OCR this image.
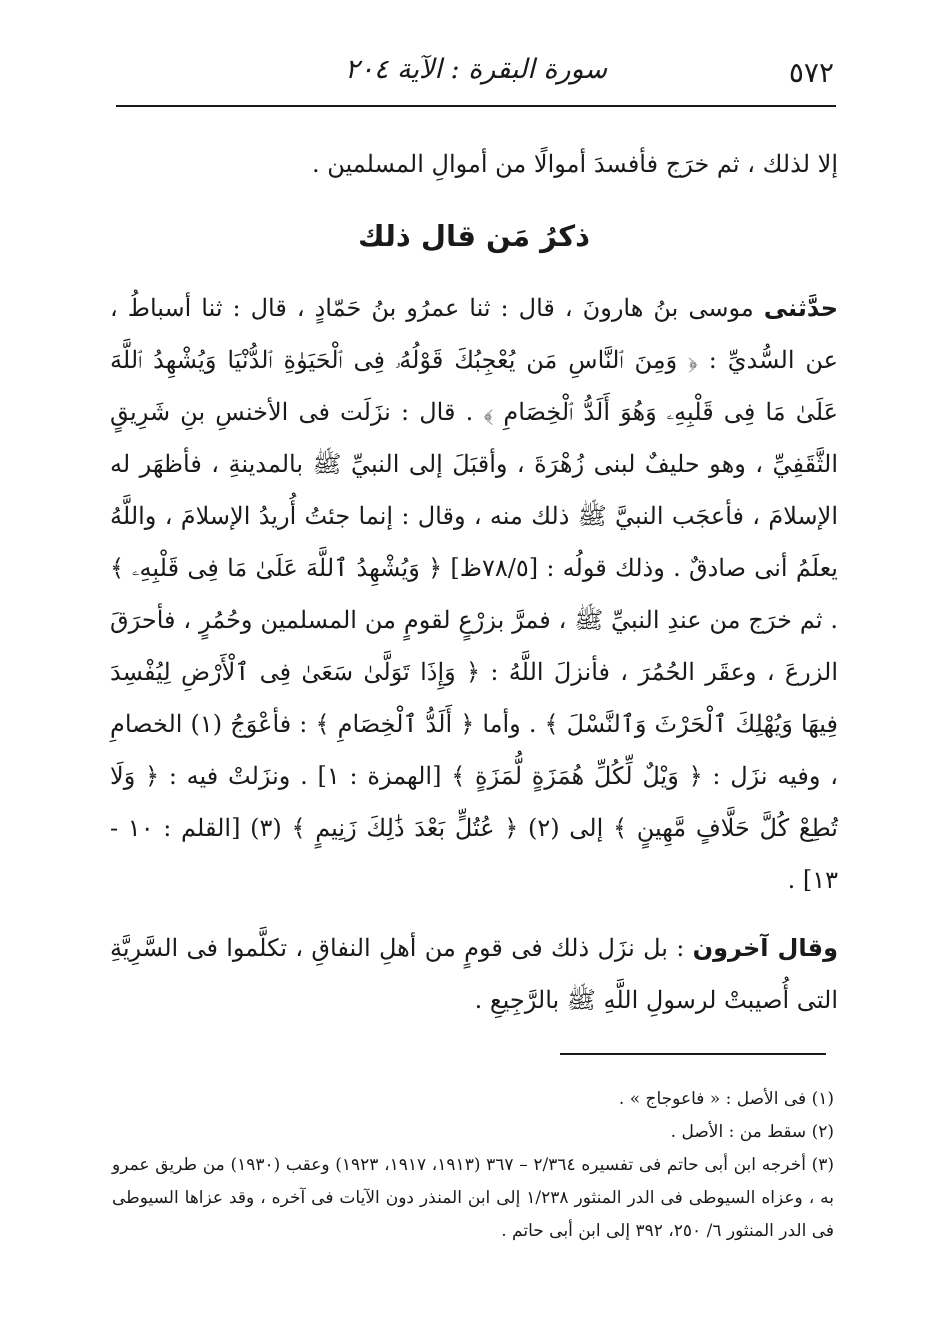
٥٧٢
سورة البقرة : الآية ٢٠٤

إلا لذلك ، ثم خرَج فأفسدَ أموالًا من أموالِ المسلمين .

ذكرُ مَن قال ذلك

حدَّثنى موسى بنُ هارونَ ، قال : ثنا عمرُو بنُ حَمّادٍ ، قال : ثنا أسباطُ ، عن السُّديِّ : ﴿ وَمِنَ ٱلنَّاسِ مَن يُعْجِبُكَ قَوْلُهُۥ فِى ٱلْحَيَوٰةِ ٱلدُّنْيَا وَيُشْهِدُ ٱللَّهَ عَلَىٰ مَا فِى قَلْبِهِۦ وَهُوَ أَلَدُّ ٱلْخِصَامِ ﴾ . قال : نزَلَت فى الأخنسِ بنِ شَرِيقٍ الثَّقَفِيِّ ، وهو حليفٌ لبنى زُهْرَةَ ، وأقبَلَ إلى النبيِّ ﷺ بالمدينةِ ، فأظهَر له الإسلامَ ، فأعجَب النبيَّ ﷺ ذلك منه ، وقال : إنما جئتُ أُريدُ الإسلامَ ، واللَّهُ يعلَمُ أنى صادقٌ . وذلك قولُه : [٧٨/٥ظ] ﴿ وَيُشْهِدُ ٱللَّهَ عَلَىٰ مَا فِى قَلْبِهِۦ ﴾ . ثم خرَج من عندِ النبيِّ ﷺ ، فمرَّ بزرْعٍ لقومٍ من المسلمين وحُمُرٍ ، فأحرَقَ الزرعَ ، وعقَر الحُمُرَ ، فأنزلَ اللَّهُ : ﴿ وَإِذَا تَوَلَّىٰ سَعَىٰ فِى ٱلْأَرْضِ لِيُفْسِدَ فِيهَا وَيُهْلِكَ ٱلْحَرْثَ وَٱلنَّسْلَ ﴾ . وأما ﴿ أَلَدُّ ٱلْخِصَامِ ﴾ : فأعْوَجُ (١) الخصامِ ، وفيه نزَل : ﴿ وَيْلٌ لِّكُلِّ هُمَزَةٍ لُّمَزَةٍ ﴾ [الهمزة : ١] . ونزَلتْ فيه : ﴿ وَلَا تُطِعْ كُلَّ حَلَّافٍ مَّهِينٍ ﴾ إلى (٢) ﴿ عُتُلٍّ بَعْدَ ذَٰلِكَ زَنِيمٍ ﴾ (٣) [القلم : ١٠ - ١٣] .

وقال آخرون : بل نزَل ذلك فى قومٍ من أهلِ النفاقِ ، تكلَّموا فى السَّرِيَّةِ التى أُصيبتْ لرسولِ اللَّهِ ﷺ بالرَّجِيعِ .

(١) فى الأصل : « فاعوجاج » .

(٢) سقط من : الأصل .

(٣) أخرجه ابن أبى حاتم فى تفسيره ٢/٣٦٤ – ٣٦٧ (١٩١٣، ١٩١٧، ١٩٢٣) وعقب (١٩٣٠) من طريق عمرو به ، وعزاه السيوطى فى الدر المنثور ١/٢٣٨ إلى ابن المنذر دون الآيات فى آخره ، وقد عزاها السيوطى فى الدر المنثور ٦/ ٢٥٠، ٣٩٢ إلى ابن أبى حاتم .
